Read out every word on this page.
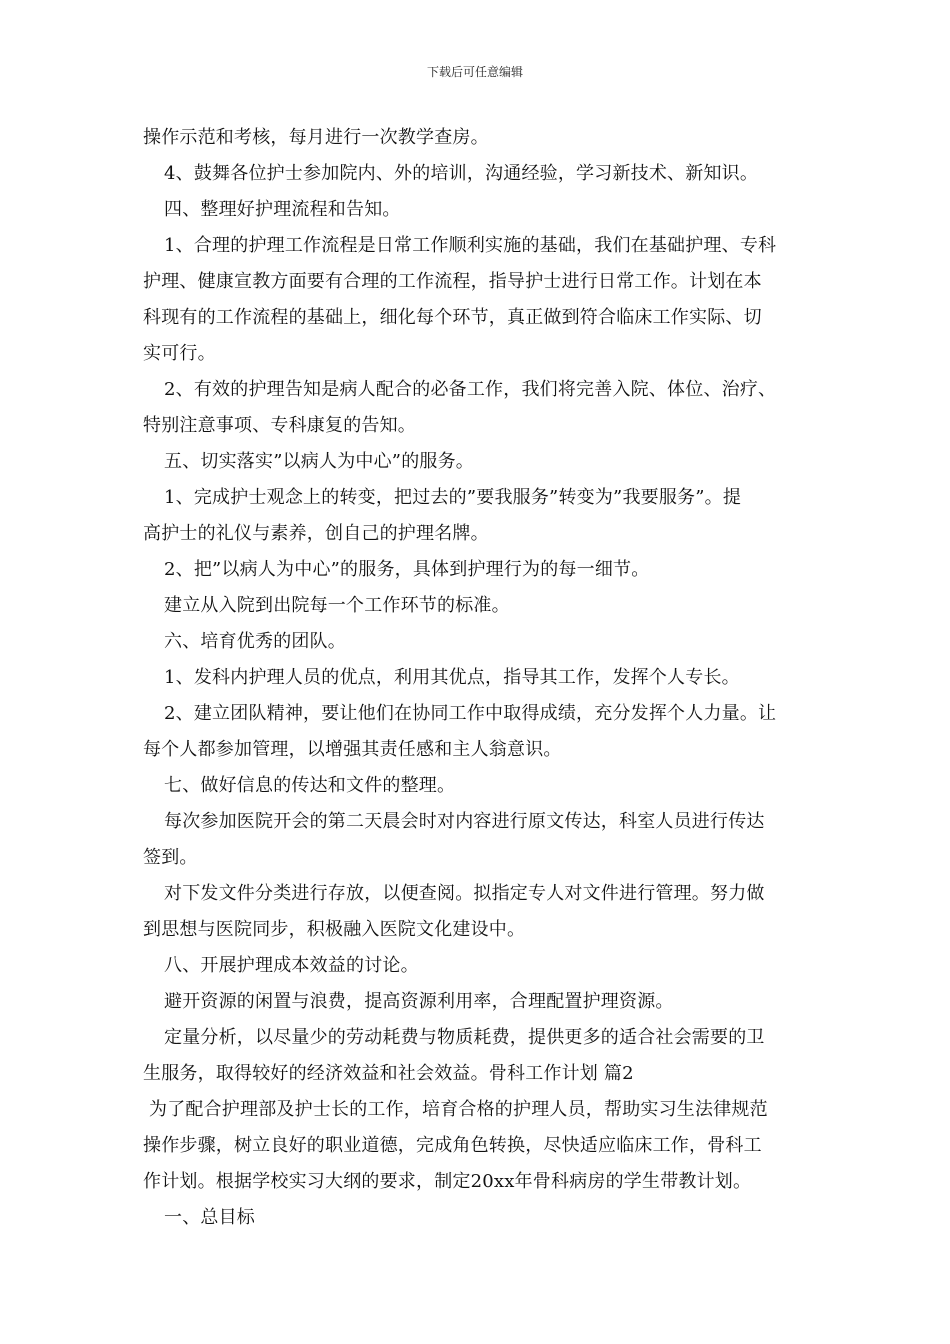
下载后可任意编辑
操作示范和考核，每月进行一次教学查房。
4、鼓舞各位护士参加院内、外的培训，沟通经验，学习新技术、新知识。
四、整理好护理流程和告知。
1、合理的护理工作流程是日常工作顺利实施的基础，我们在基础护理、专科
护理、健康宣教方面要有合理的工作流程，指导护士进行日常工作。计划在本
科现有的工作流程的基础上，细化每个环节，真正做到符合临床工作实际、切
实可行。
2、有效的护理告知是病人配合的必备工作，我们将完善入院、体位、治疗、
特别注意事项、专科康复的告知。
五、切实落实”以病人为中心”的服务。
1、完成护士观念上的转变，把过去的”要我服务”转变为”我要服务”。提
高护士的礼仪与素养，创自己的护理名牌。
2、把”以病人为中心”的服务，具体到护理行为的每一细节。
建立从入院到出院每一个工作环节的标准。
六、培育优秀的团队。
1、发科内护理人员的优点，利用其优点，指导其工作，发挥个人专长。
2、建立团队精神，要让他们在协同工作中取得成绩，充分发挥个人力量。让
每个人都参加管理，以增强其责任感和主人翁意识。
七、做好信息的传达和文件的整理。
每次参加医院开会的第二天晨会时对内容进行原文传达，科室人员进行传达
签到。
对下发文件分类进行存放，以便查阅。拟指定专人对文件进行管理。努力做
到思想与医院同步，积极融入医院文化建设中。
八、开展护理成本效益的讨论。
避开资源的闲置与浪费，提高资源利用率，合理配置护理资源。
定量分析，以尽量少的劳动耗费与物质耗费，提供更多的适合社会需要的卫
生服务，取得较好的经济效益和社会效益。骨科工作计划 篇2
为了配合护理部及护士长的工作，培育合格的护理人员，帮助实习生法律规范
操作步骤，树立良好的职业道德，完成角色转换，尽快适应临床工作，骨科工
作计划。根据学校实习大纲的要求，制定20xx年骨科病房的学生带教计划。
一、总目标
